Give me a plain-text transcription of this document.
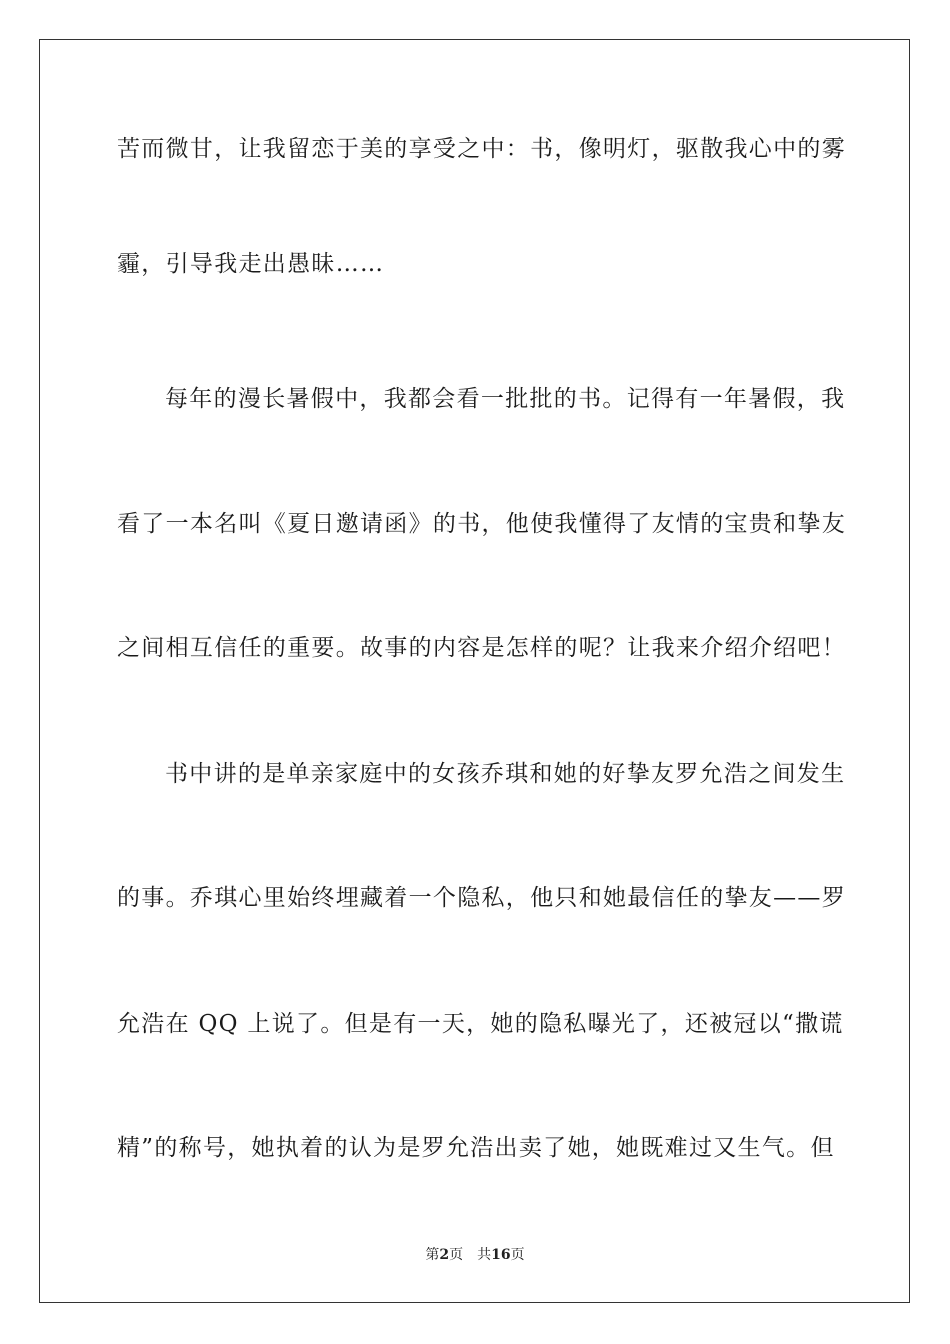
苦而微甘，让我留恋于美的享受之中：书，像明灯，驱散我心中的雾
霾，引导我走出愚昧……
每年的漫长暑假中，我都会看一批批的书。记得有一年暑假，我
看了一本名叫《夏日邀请函》的书，他使我懂得了友情的宝贵和挚友
之间相互信任的重要。故事的内容是怎样的呢？让我来介绍介绍吧！
书中讲的是单亲家庭中的女孩乔琪和她的好挚友罗允浩之间发生
的事。乔琪心里始终埋藏着一个隐私，他只和她最信任的挚友——罗
允浩在 QQ 上说了。但是有一天，她的隐私曝光了，还被冠以“撒谎
精”的称号，她执着的认为是罗允浩出卖了她，她既难过又生气。但
第2页 共16页
